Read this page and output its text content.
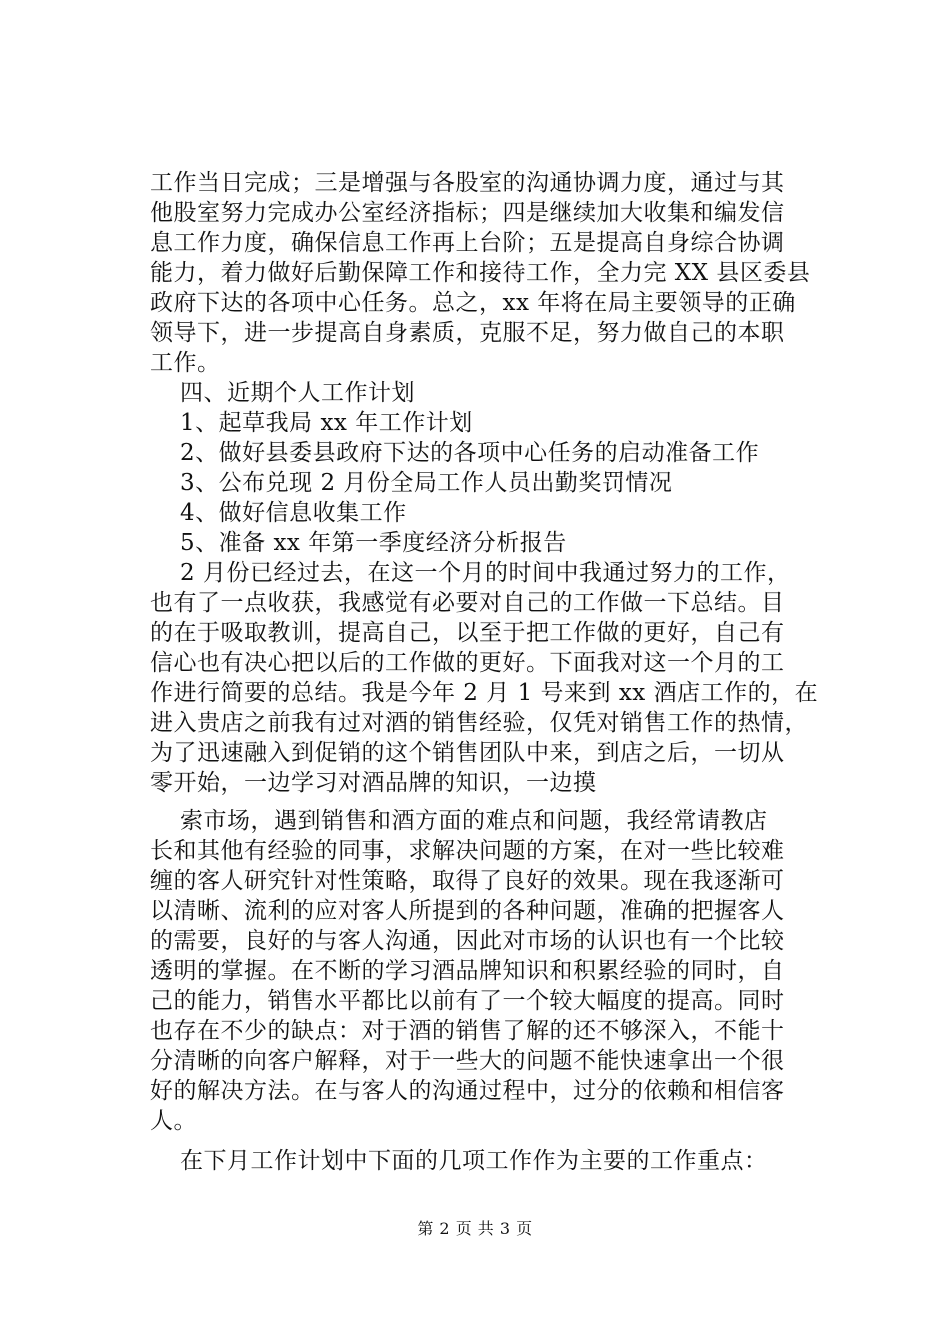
工作当日完成；三是增强与各股室的沟通协调力度，通过与其
他股室努力完成办公室经济指标；四是继续加大收集和编发信
息工作力度，确保信息工作再上台阶；五是提高自身综合协调
能力，着力做好后勤保障工作和接待工作，全力完 XX 县区委县
政府下达的各项中心任务。总之，xx 年将在局主要领导的正确
领导下，进一步提高自身素质，克服不足，努力做自己的本职
工作。
四、近期个人工作计划
1、起草我局 xx 年工作计划
2、做好县委县政府下达的各项中心任务的启动准备工作
3、公布兑现 2 月份全局工作人员出勤奖罚情况
4、做好信息收集工作
5、准备 xx 年第一季度经济分析报告
2 月份已经过去，在这一个月的时间中我通过努力的工作，
也有了一点收获，我感觉有必要对自己的工作做一下总结。目
的在于吸取教训，提高自己，以至于把工作做的更好，自己有
信心也有决心把以后的工作做的更好。下面我对这一个月的工
作进行简要的总结。我是今年 2 月 1 号来到 xx 酒店工作的，在
进入贵店之前我有过对酒的销售经验，仅凭对销售工作的热情，
为了迅速融入到促销的这个销售团队中来，到店之后，一切从
零开始，一边学习对酒品牌的知识，一边摸
索市场，遇到销售和酒方面的难点和问题，我经常请教店
长和其他有经验的同事，求解决问题的方案，在对一些比较难
缠的客人研究针对性策略，取得了良好的效果。现在我逐渐可
以清晰、流利的应对客人所提到的各种问题，准确的把握客人
的需要，良好的与客人沟通，因此对市场的认识也有一个比较
透明的掌握。在不断的学习酒品牌知识和积累经验的同时，自
己的能力，销售水平都比以前有了一个较大幅度的提高。同时
也存在不少的缺点：对于酒的销售了解的还不够深入，不能十
分清晰的向客户解释，对于一些大的问题不能快速拿出一个很
好的解决方法。在与客人的沟通过程中，过分的依赖和相信客
人。
在下月工作计划中下面的几项工作作为主要的工作重点：
第 2 页 共 3 页
